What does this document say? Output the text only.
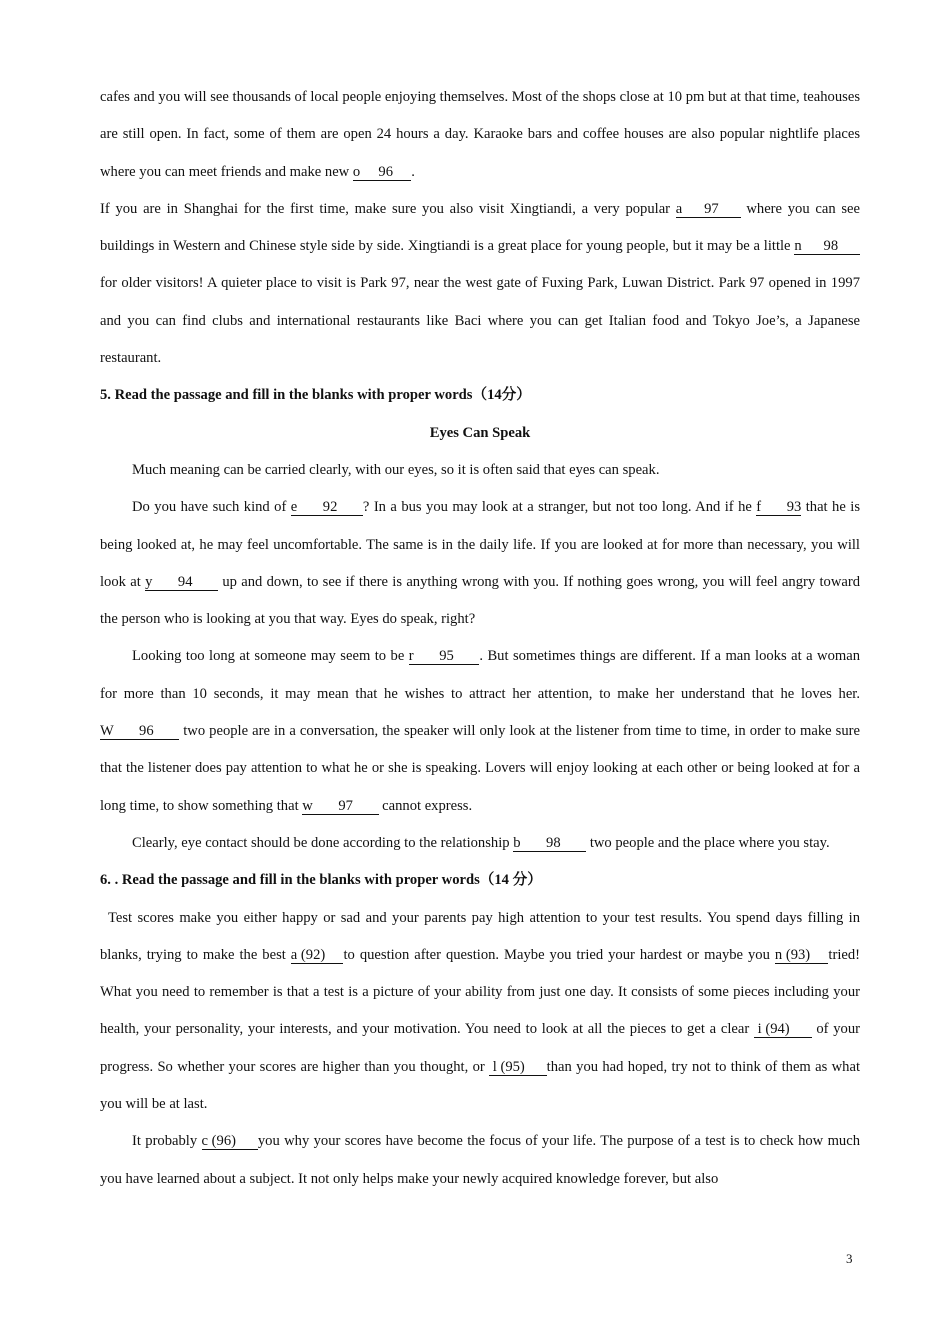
cafes and you will see thousands of local people enjoying themselves. Most of the shops close at 10 pm but at that time, teahouses are still open. In fact, some of them are open 24 hours a day. Karaoke bars and coffee houses are also popular nightlife places where you can meet friends and make new o     96     .

If you are in Shanghai for the first time, make sure you also visit Xingtiandi, a very popular a      97       where you can see buildings in Western and Chinese style side by side. Xingtiandi is a great place for young people, but it may be a little n      98       for older visitors! A quieter place to visit is Park 97, near the west gate of Fuxing Park, Luwan District. Park 97 opened in 1997 and you can find clubs and international restaurants like Baci where you can get Italian food and Tokyo Joe’s, a Japanese restaurant.

5. Read the passage and fill in the blanks with proper words（14分）

Eyes Can Speak

Much meaning can be carried clearly, with our eyes, so it is often said that eyes can speak.

Do you have such kind of e       92       ? In a bus you may look at a stranger, but not too long. And if he f       93 that he is being looked at, he may feel uncomfortable. The same is in the daily life. If you are looked at for more than necessary, you will look at y       94        up and down, to see if there is anything wrong with you. If nothing goes wrong, you will feel angry toward the person who is looking at you that way. Eyes do speak, right?

Looking too long at someone may seem to be r       95       . But sometimes things are different. If a man looks at a woman for more than 10 seconds, it may mean that he wishes to attract her attention, to make her understand that he loves her. W       96        two people are in a conversation, the speaker will only look at the listener from time to time, in order to make sure that the listener does pay attention to what he or she is speaking. Lovers will enjoy looking at each other or being looked at for a long time, to show something that w       97        cannot express.

Clearly, eye contact should be done according to the relationship b       98        two people and the place where you stay.

6. . Read the passage and fill in the blanks with proper words（14 分）

Test scores make you either happy or sad and your parents pay high attention to your test results. You spend days filling in blanks, trying to make the best a (92)     to question after question. Maybe you tried your hardest or maybe you n (93)     tried! What you need to remember is that a test is a picture of your ability from just one day. It consists of some pieces including your health, your personality, your interests, and your motivation. You need to look at all the pieces to get a clear  i (94)       of your progress. So whether your scores are higher than you thought, or  l (95)      than you had hoped, try not to think of them as what you will be at last.

It probably c (96)      you why your scores have become the focus of your life. The purpose of a test is to check how much you have learned about a subject. It not only helps make your newly acquired knowledge forever, but also

3
